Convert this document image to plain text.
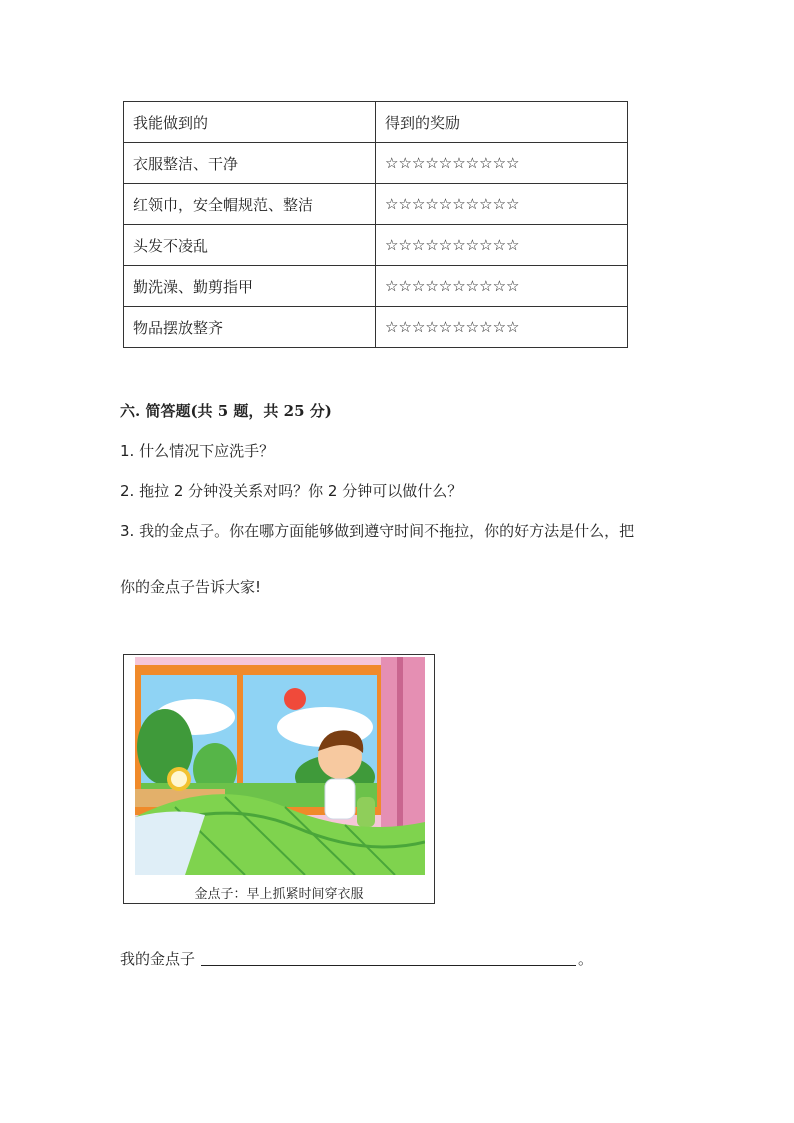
我能做到的	得到的奖励
衣服整洁、干净	☆☆☆☆☆☆☆☆☆☆
红领巾，安全帽规范、整洁	☆☆☆☆☆☆☆☆☆☆
头发不凌乱	☆☆☆☆☆☆☆☆☆☆
勤洗澡、勤剪指甲	☆☆☆☆☆☆☆☆☆☆
物品摆放整齐	☆☆☆☆☆☆☆☆☆☆
六. 简答题(共 5 题，共 25 分)
1. 什么情况下应洗手？
2. 拖拉 2 分钟没关系对吗？你 2 分钟可以做什么？
3. 我的金点子。你在哪方面能够做到遵守时间不拖拉，你的好方法是什么，把
你的金点子告诉大家!
金点子：早上抓紧时间穿衣服
我的金点子	。
